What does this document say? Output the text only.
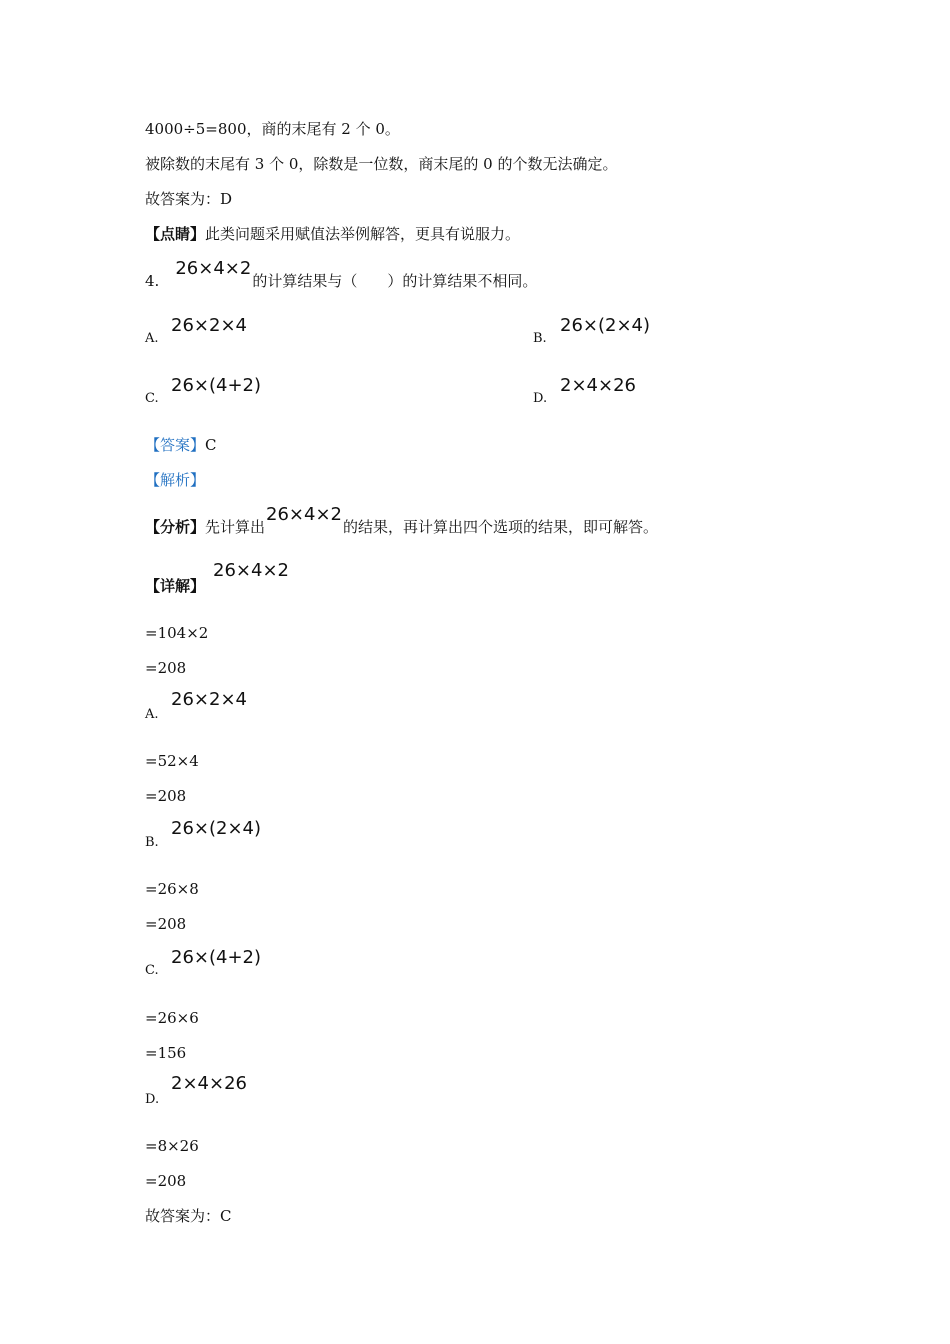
4000÷5=800，商的末尾有 2 个 0。
被除数的末尾有 3 个 0，除数是一位数，商末尾的 0 的个数无法确定。
故答案为：D
【点睛】此类问题采用赋值法举例解答，更具有说服力。
4.　26×4×2的计算结果与（　　）的计算结果不相同。
A.
26×2×4
B.
26×(2×4)
C.
26×(4+2)
D.
2×4×26
【答案】C
【解析】
【分析】先计算出26×4×2的结果，再计算出四个选项的结果，即可解答。
【详解】
26×4×2
=104×2
=208
A.
26×2×4
=52×4
=208
B.
26×(2×4)
=26×8
=208
C.
26×(4+2)
=26×6
=156
D.
2×4×26
=8×26
=208
故答案为：C
